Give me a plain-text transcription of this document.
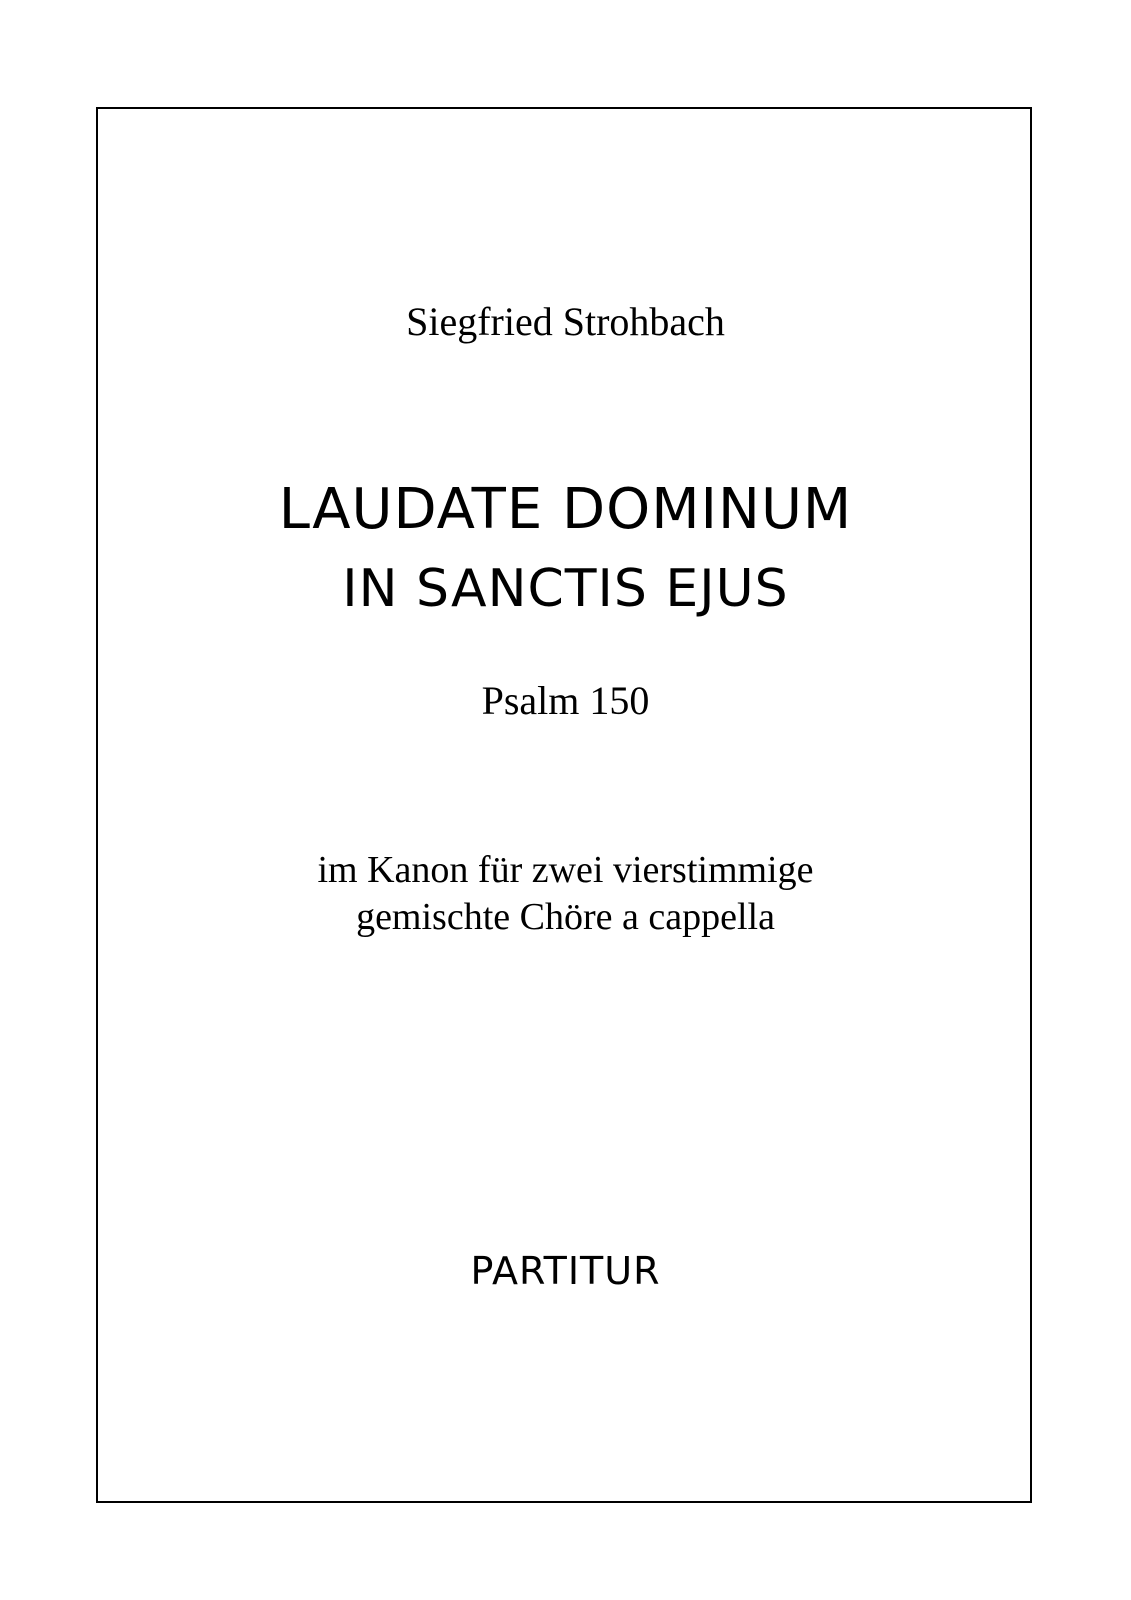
Siegfried Strohbach

LAUDATE DOMINUM

IN SANCTIS EJUS

Psalm 150

im Kanon für zwei vierstimmige

gemischte Chöre a cappella

PARTITUR
